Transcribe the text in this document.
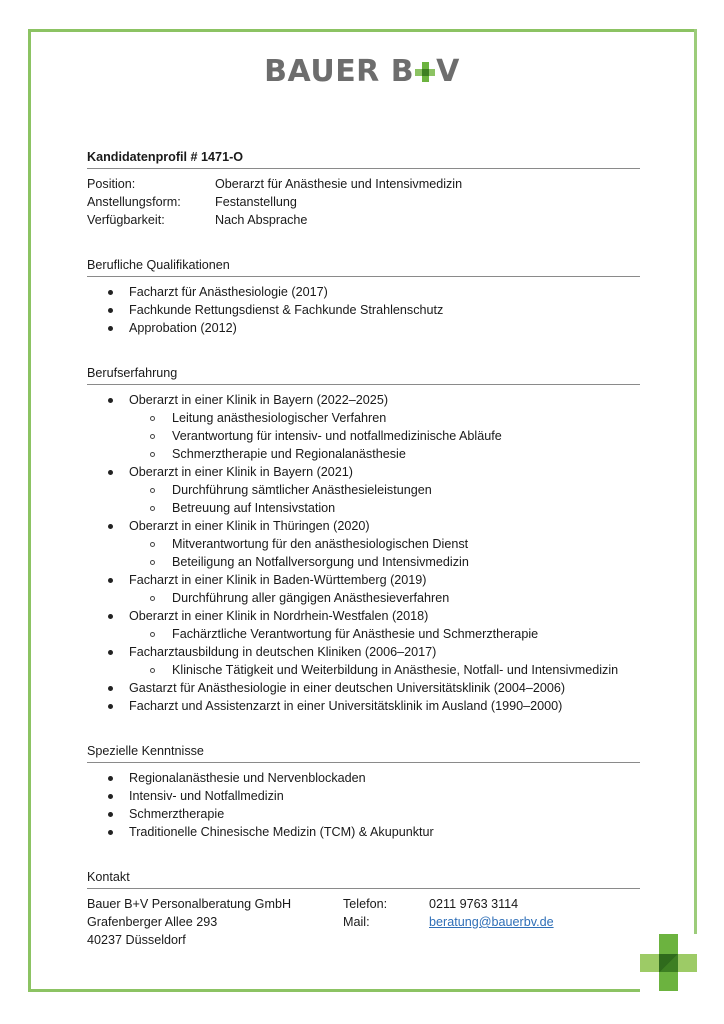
BAUER B V
Kandidatenprofil # 1471-O
Position:	Oberarzt für Anästhesie und Intensivmedizin
Anstellungsform:	Festanstellung
Verfügbarkeit:	Nach Absprache
Berufliche Qualifikationen
Facharzt für Anästhesiologie (2017)
Fachkunde Rettungsdienst & Fachkunde Strahlenschutz
Approbation (2012)
Berufserfahrung
Oberarzt in einer Klinik in Bayern (2022–2025)
Leitung anästhesiologischer Verfahren
Verantwortung für intensiv- und notfallmedizinische Abläufe
Schmerztherapie und Regionalanästhesie
Oberarzt in einer Klinik in Bayern (2021)
Durchführung sämtlicher Anästhesieleistungen
Betreuung auf Intensivstation
Oberarzt in einer Klinik in Thüringen (2020)
Mitverantwortung für den anästhesiologischen Dienst
Beteiligung an Notfallversorgung und Intensivmedizin
Facharzt in einer Klinik in Baden-Württemberg (2019)
Durchführung aller gängigen Anästhesieverfahren
Oberarzt in einer Klinik in Nordrhein-Westfalen (2018)
Fachärztliche Verantwortung für Anästhesie und Schmerztherapie
Facharztausbildung in deutschen Kliniken (2006–2017)
Klinische Tätigkeit und Weiterbildung in Anästhesie, Notfall- und Intensivmedizin
Gastarzt für Anästhesiologie in einer deutschen Universitätsklinik (2004–2006)
Facharzt und Assistenzarzt in einer Universitätsklinik im Ausland (1990–2000)
Spezielle Kenntnisse
Regionalanästhesie und Nervenblockaden
Intensiv- und Notfallmedizin
Schmerztherapie
Traditionelle Chinesische Medizin (TCM) & Akupunktur
Kontakt
Bauer B+V Personalberatung GmbH
Grafenberger Allee 293
40237 Düsseldorf
Telefon:	0211 9763 3114
Mail:	beratung@bauerbv.de
